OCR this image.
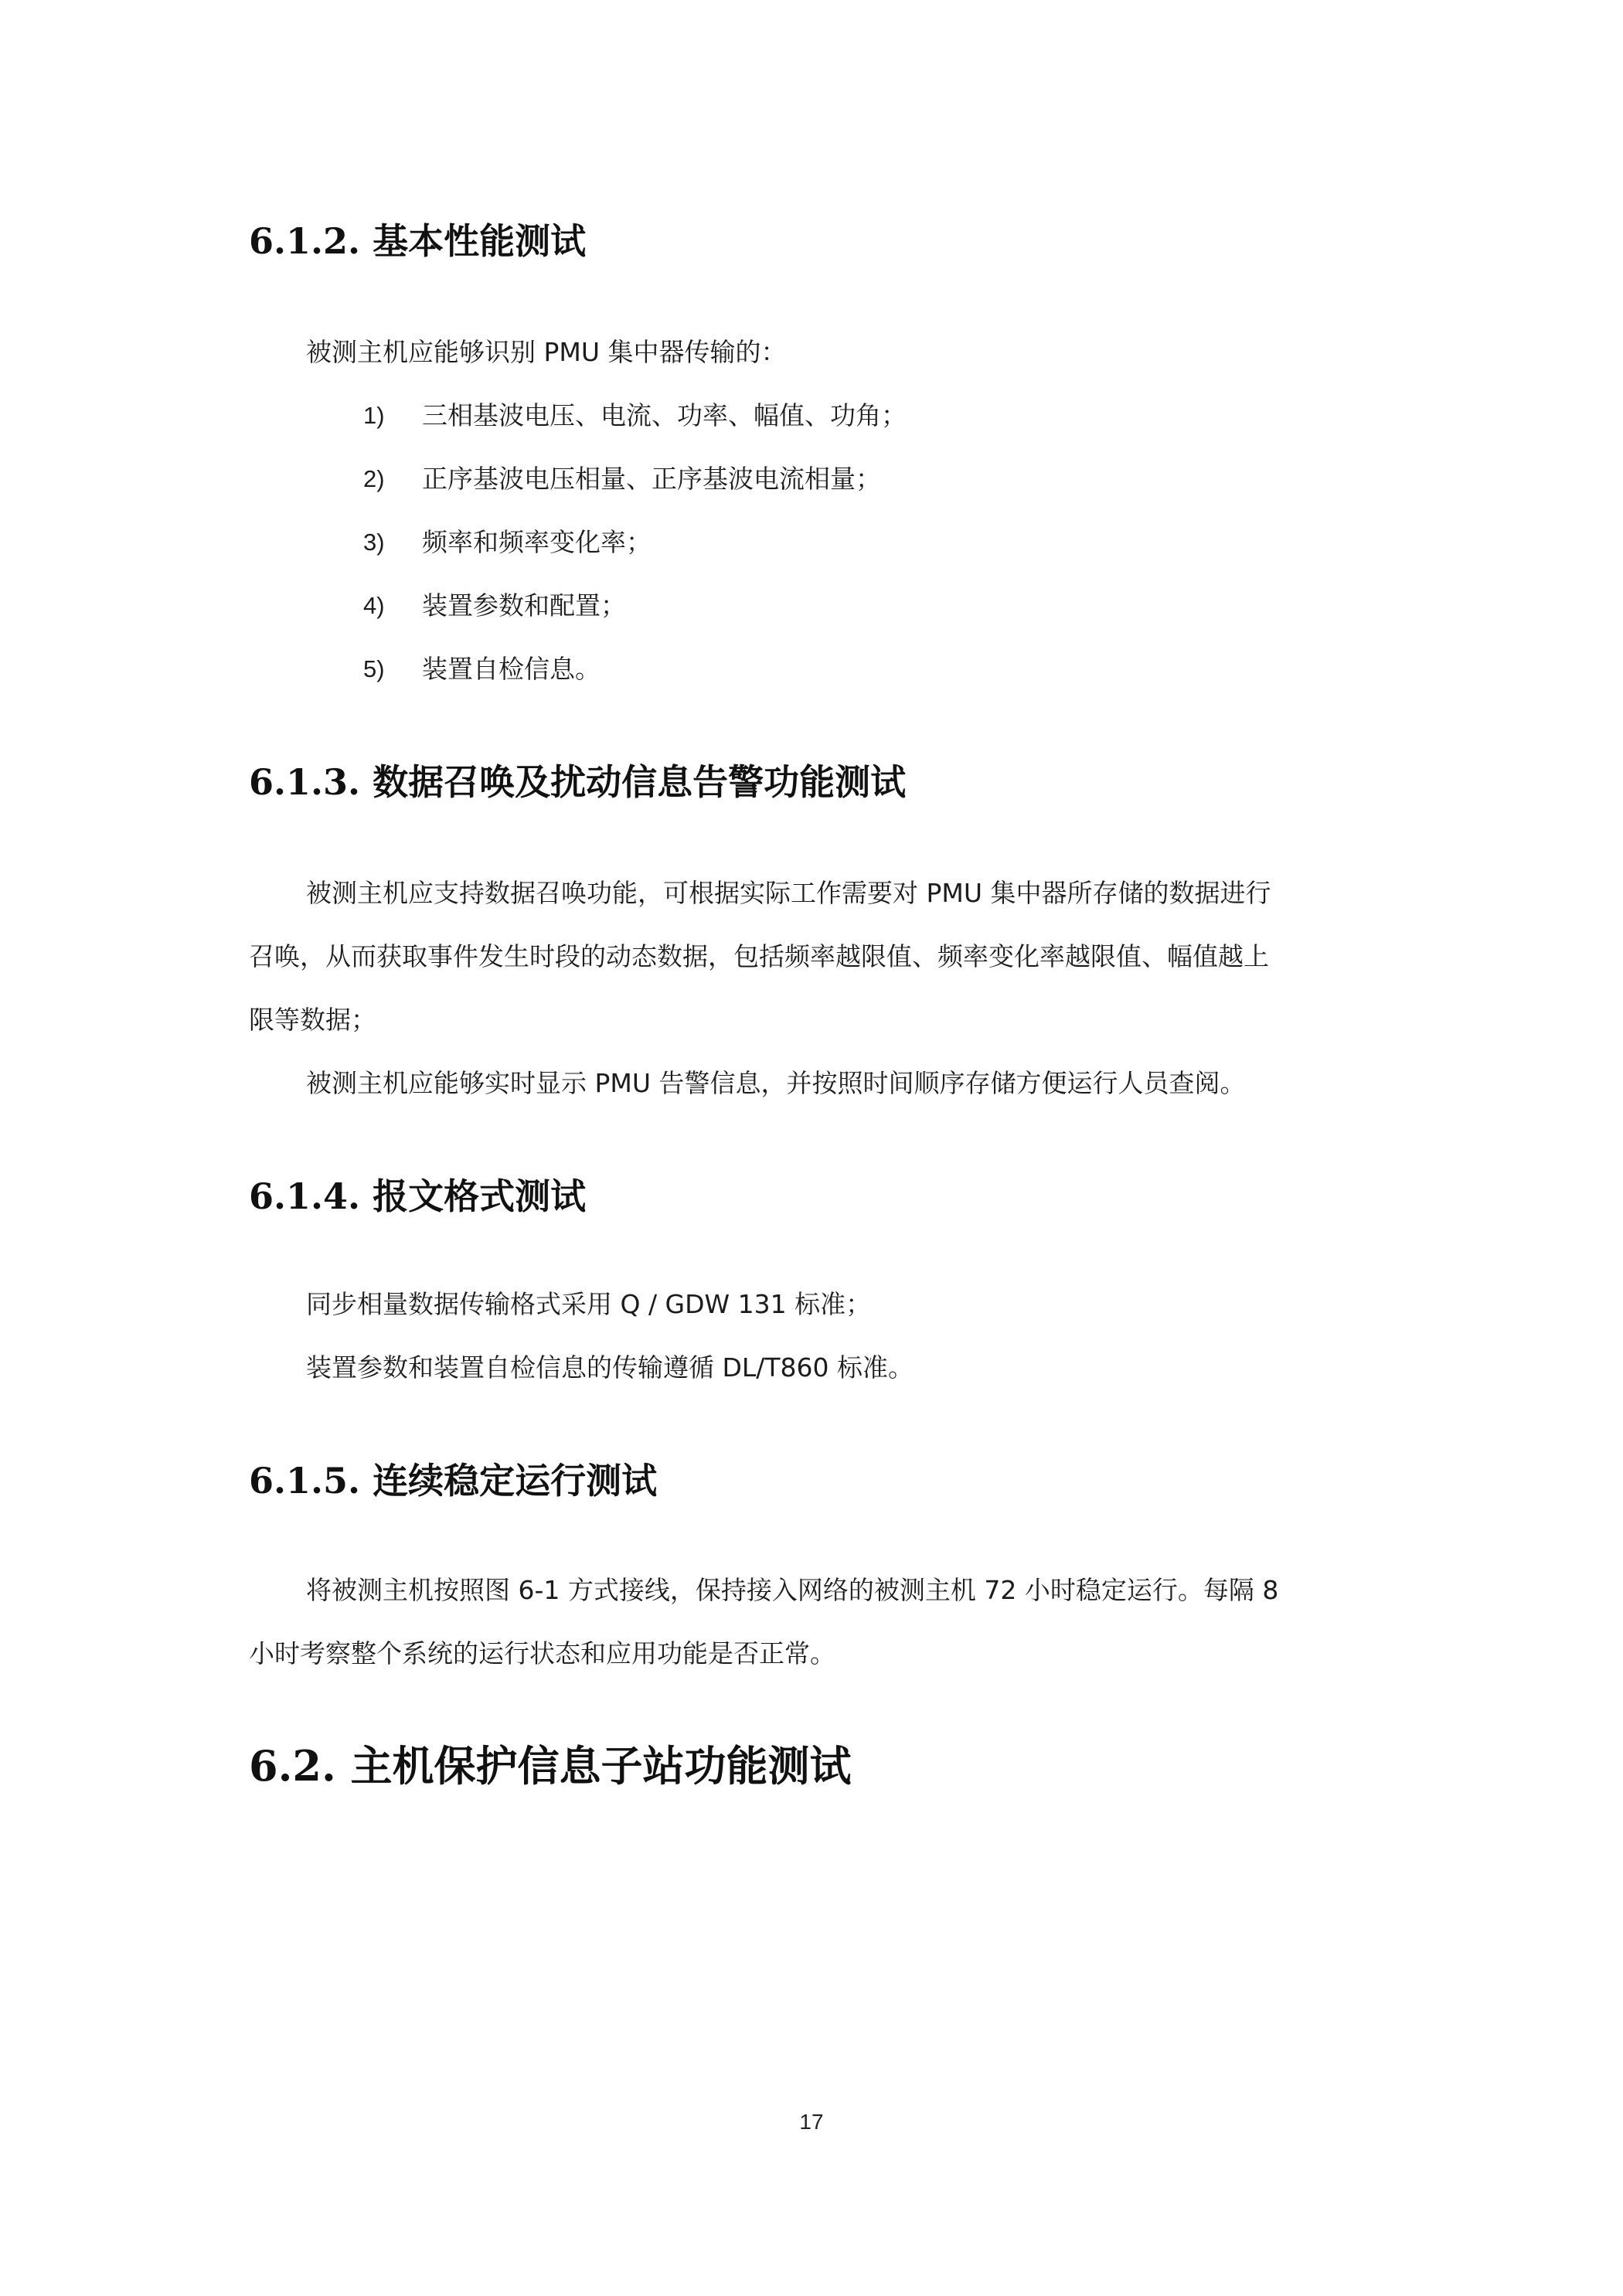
6.1.2. 基本性能测试

被测主机应能够识别 PMU 集中器传输的：

1) 三相基波电压、电流、功率、幅值、功角；
2) 正序基波电压相量、正序基波电流相量；
3) 频率和频率变化率；
4) 装置参数和配置；
5) 装置自检信息。
6.1.3. 数据召唤及扰动信息告警功能测试

被测主机应支持数据召唤功能，可根据实际工作需要对 PMU 集中器所存储的数据进行

召唤，从而获取事件发生时段的动态数据，包括频率越限值、频率变化率越限值、幅值越上

限等数据；

被测主机应能够实时显示 PMU 告警信息，并按照时间顺序存储方便运行人员查阅。

6.1.4. 报文格式测试

同步相量数据传输格式采用 Q / GDW 131 标准；

装置参数和装置自检信息的传输遵循 DL/T860 标准。

6.1.5. 连续稳定运行测试

将被测主机按照图 6-1 方式接线，保持接入网络的被测主机 72 小时稳定运行。每隔 8

小时考察整个系统的运行状态和应用功能是否正常。

6.2. 主机保护信息子站功能测试
17
